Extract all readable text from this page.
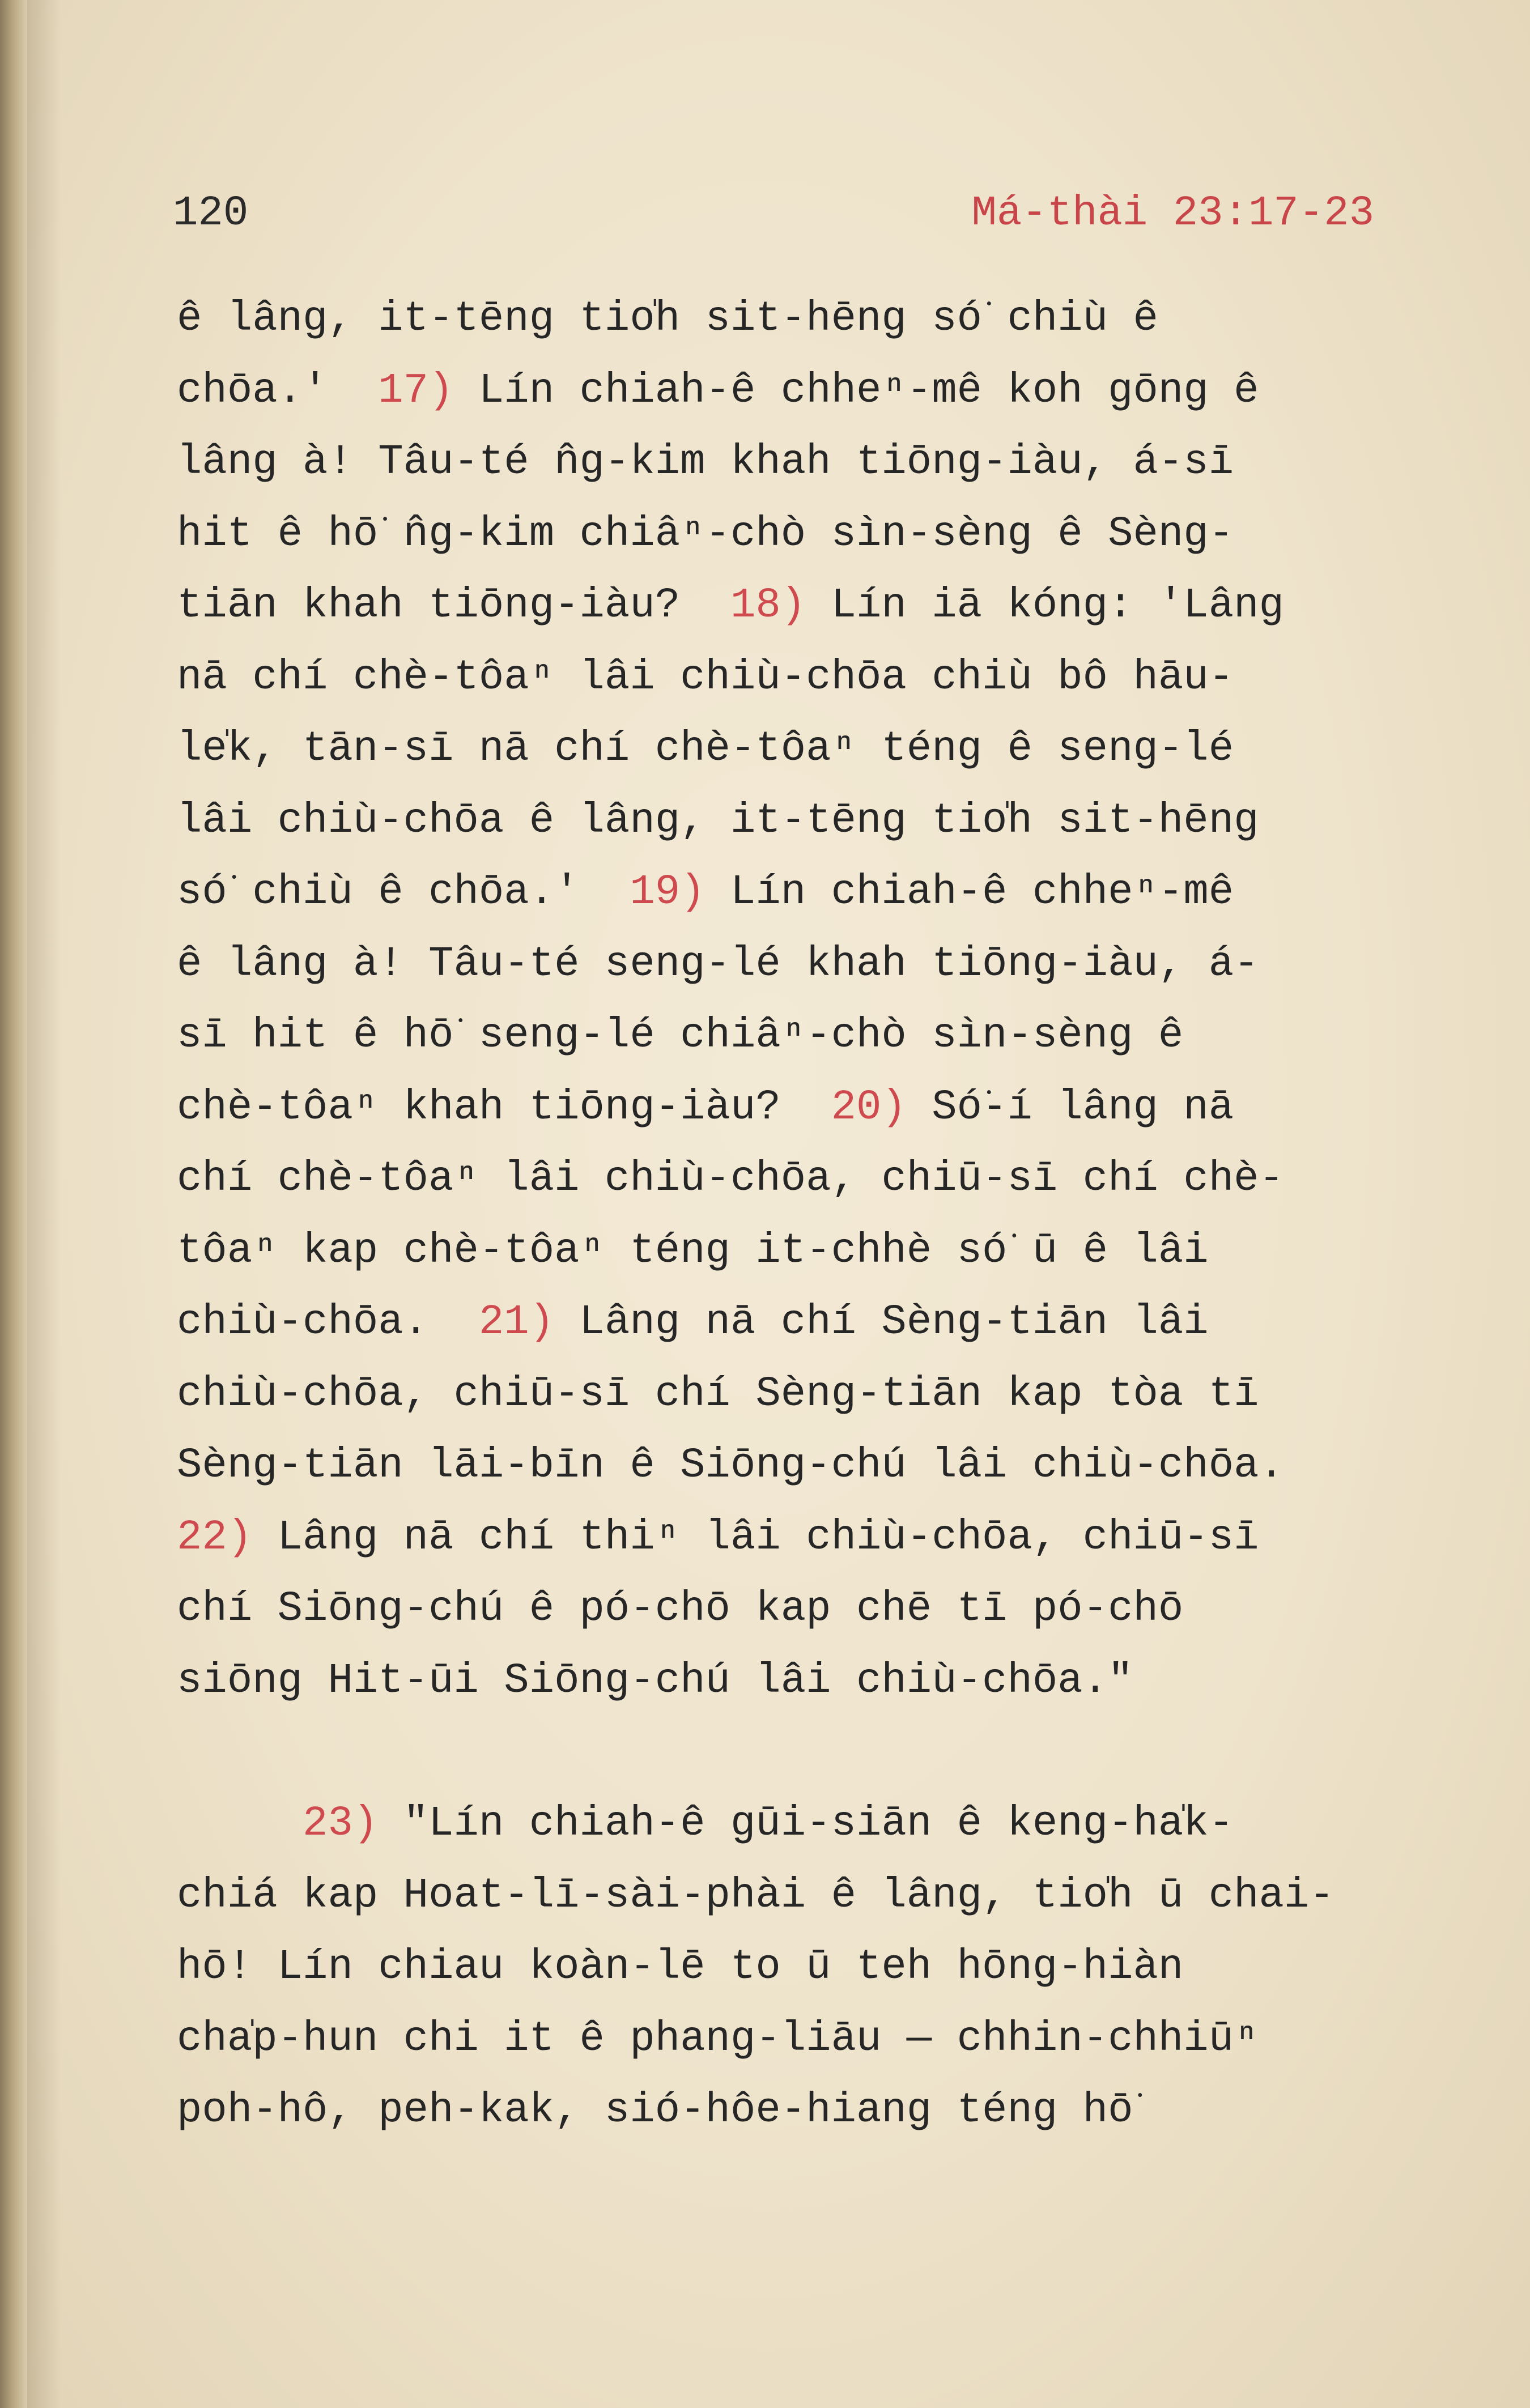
120	Má-thài 23:17-23
ê lâng, it-tēng tio̍h sit-hēng só͘ chiù ê
chōa.'  17) Lín chiah-ê chheⁿ-mê koh gōng ê
lâng à! Tâu-té n̂g-kim khah tiōng-iàu, á-sī
hit ê hō͘ n̂g-kim chiâⁿ-chò sìn-sèng ê Sèng-
tiān khah tiōng-iàu?  18) Lín iā kóng: 'Lâng
nā chí chè-tôaⁿ lâi chiù-chōa chiù bô hāu-
le̍k, tān-sī nā chí chè-tôaⁿ téng ê seng-lé
lâi chiù-chōa ê lâng, it-tēng tio̍h sit-hēng
só͘ chiù ê chōa.'  19) Lín chiah-ê chheⁿ-mê
ê lâng à! Tâu-té seng-lé khah tiōng-iàu, á-
sī hit ê hō͘ seng-lé chiâⁿ-chò sìn-sèng ê
chè-tôaⁿ khah tiōng-iàu?  20) Só͘-í lâng nā
chí chè-tôaⁿ lâi chiù-chōa, chiū-sī chí chè-
tôaⁿ kap chè-tôaⁿ téng it-chhè só͘ ū ê lâi
chiù-chōa.  21) Lâng nā chí Sèng-tiān lâi
chiù-chōa, chiū-sī chí Sèng-tiān kap tòa tī
Sèng-tiān lāi-bīn ê Siōng-chú lâi chiù-chōa.
22) Lâng nā chí thiⁿ lâi chiù-chōa, chiū-sī
chí Siōng-chú ê pó-chō kap chē tī pó-chō
siōng Hit-ūi Siōng-chú lâi chiù-chōa."
23) "Lín chiah-ê gūi-siān ê keng-ha̍k-
chiá kap Hoat-lī-sài-phài ê lâng, tio̍h ū chai-
hō! Lín chiau koàn-lē to ū teh hōng-hiàn
cha̍p-hun chi it ê phang-liāu — chhin-chhiūⁿ
poh-hô, peh-kak, sió-hôe-hiang téng hō͘
